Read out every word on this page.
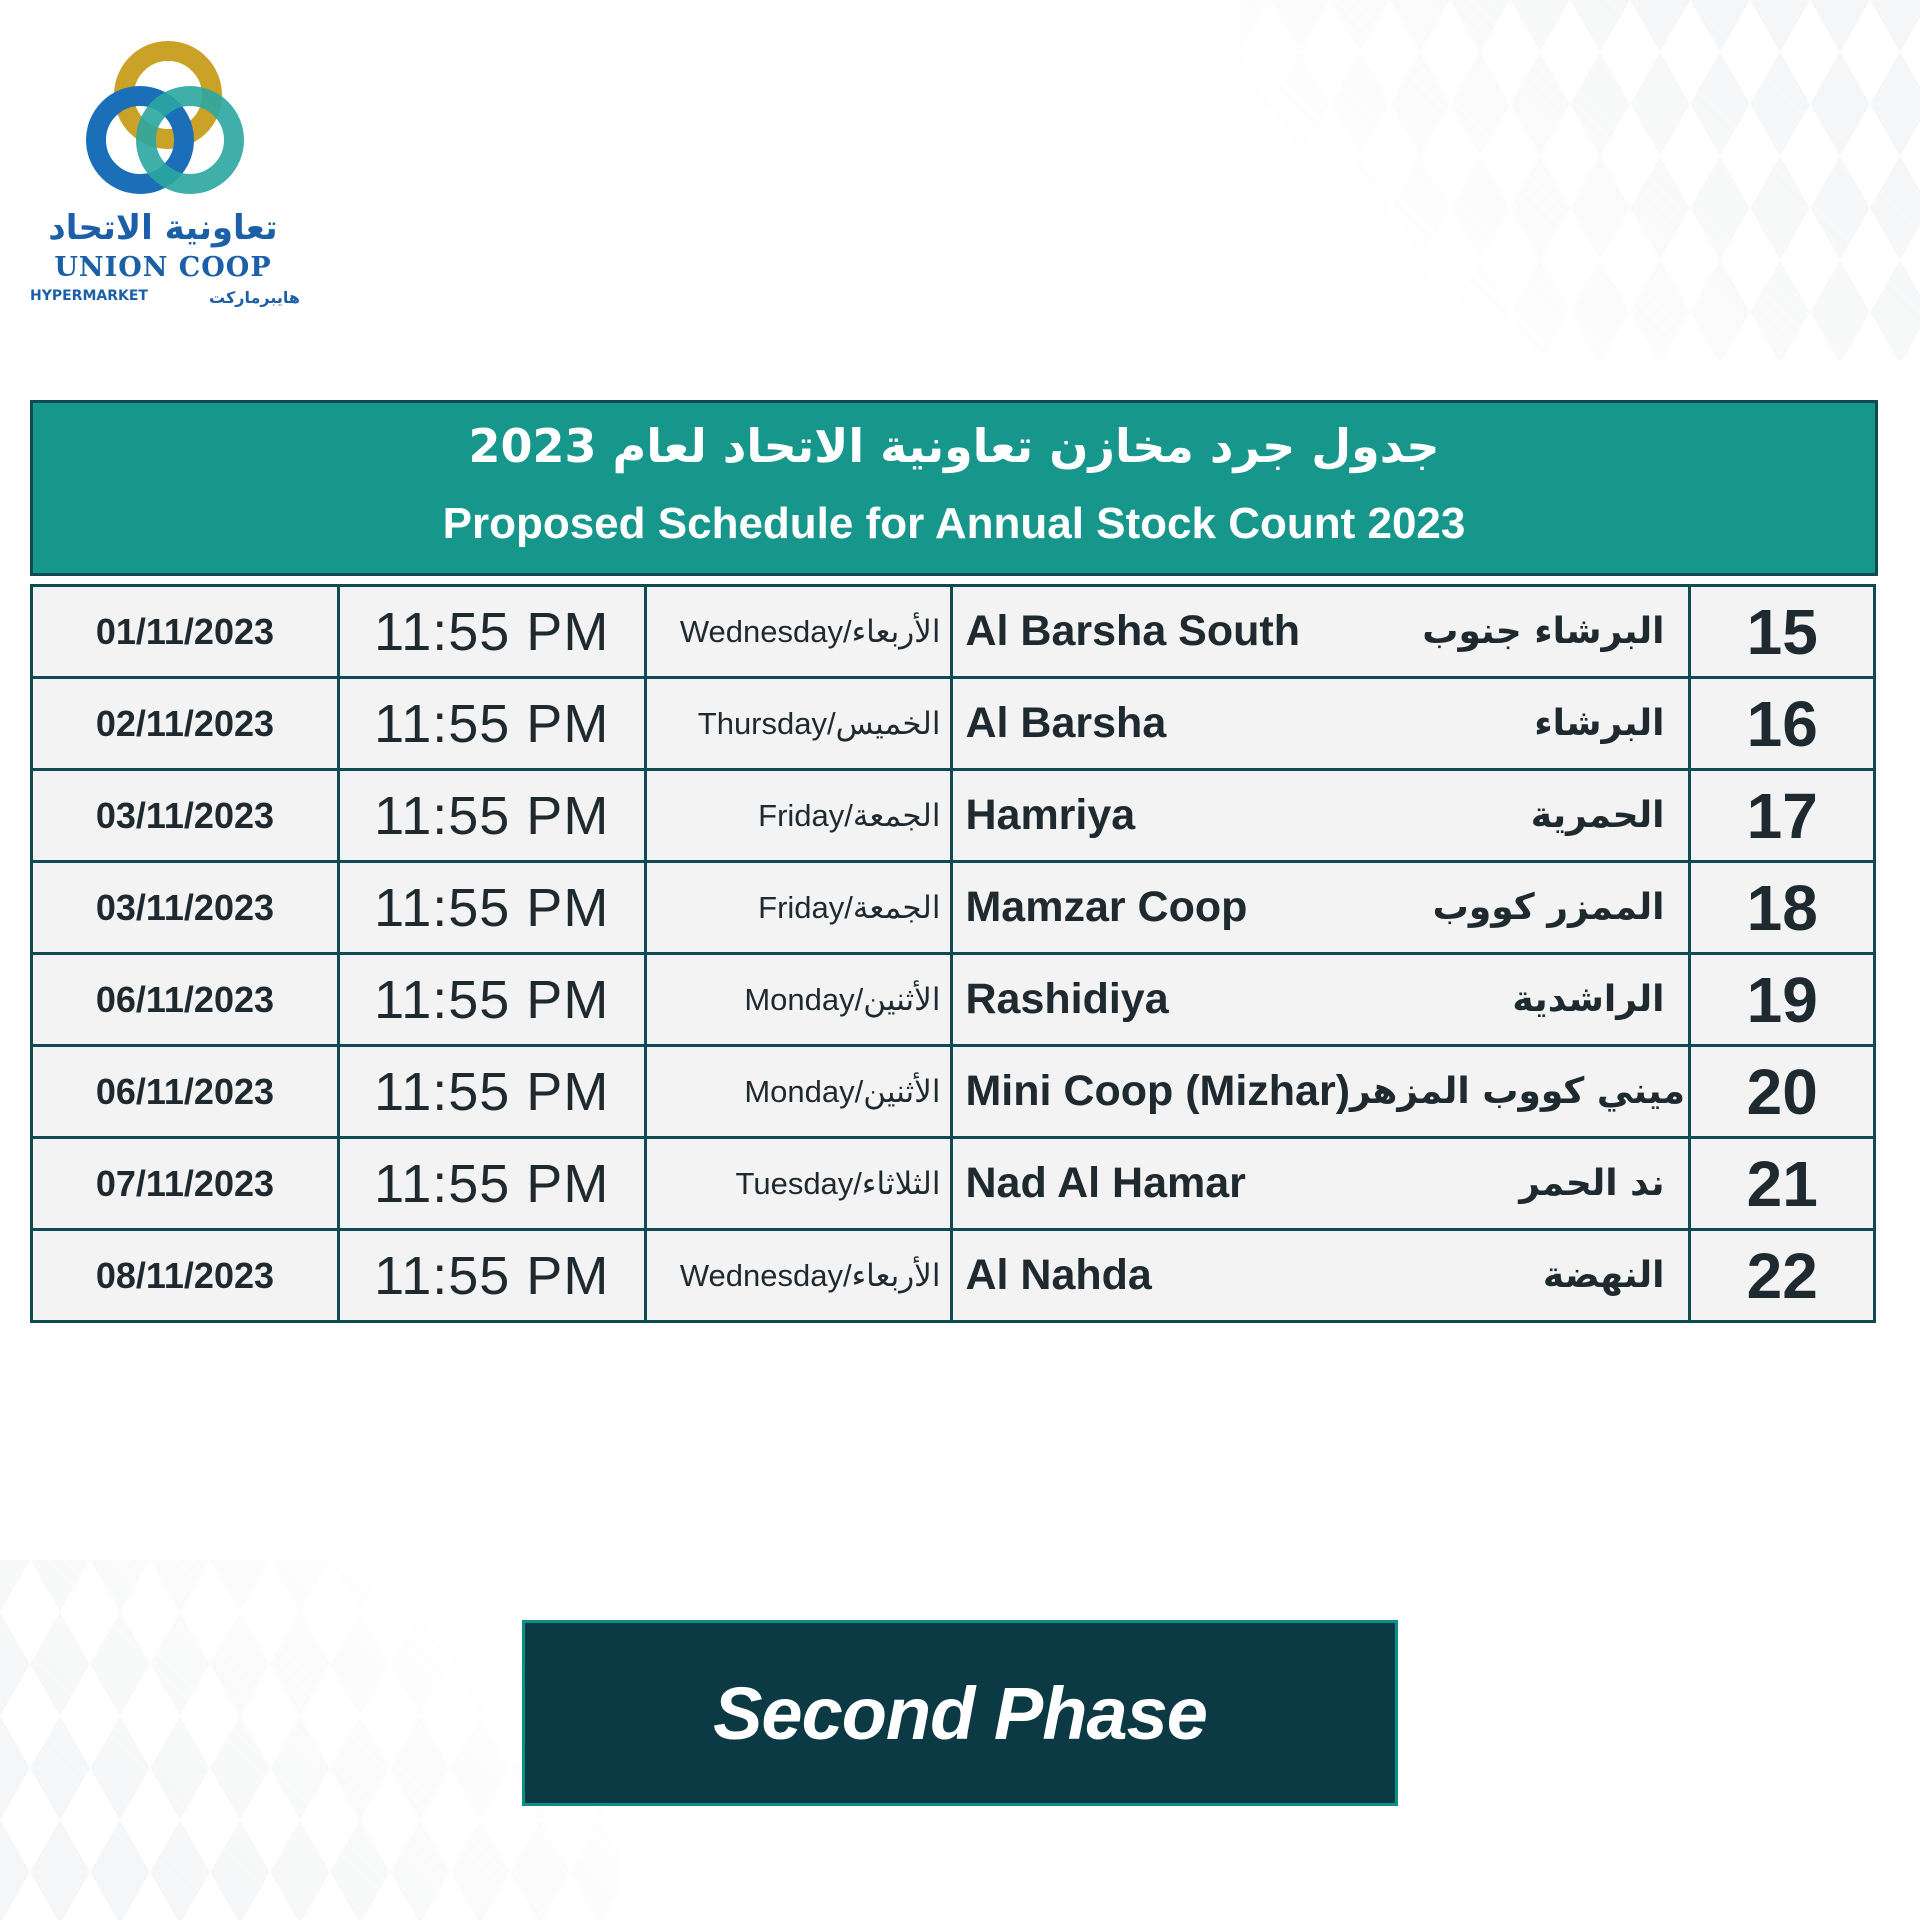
تعاونية الاتحاد
UNION COOP
HYPERMARKET	هايبرماركت
جدول جرد مخازن تعاونية الاتحاد لعام 2023
Proposed Schedule for Annual Stock Count 2023
01/11/2023	11:55 PM	Wednesday/الأربعاء	Al Barsha South البرشاء جنوب	15
02/11/2023	11:55 PM	Thursday/الخميس	Al Barsha البرشاء	16
03/11/2023	11:55 PM	Friday/الجمعة	Hamriya الحمرية	17
03/11/2023	11:55 PM	Friday/الجمعة	Mamzar Coop الممزر كووب	18
06/11/2023	11:55 PM	Monday/الأثنين	Rashidiya الراشدية	19
06/11/2023	11:55 PM	Monday/الأثنين	Mini Coop (Mizhar) ميني كووب المزهر	20
07/11/2023	11:55 PM	Tuesday/الثلاثاء	Nad Al Hamar ند الحمر	21
08/11/2023	11:55 PM	Wednesday/الأربعاء	Al Nahda النهضة	22
Second Phase
